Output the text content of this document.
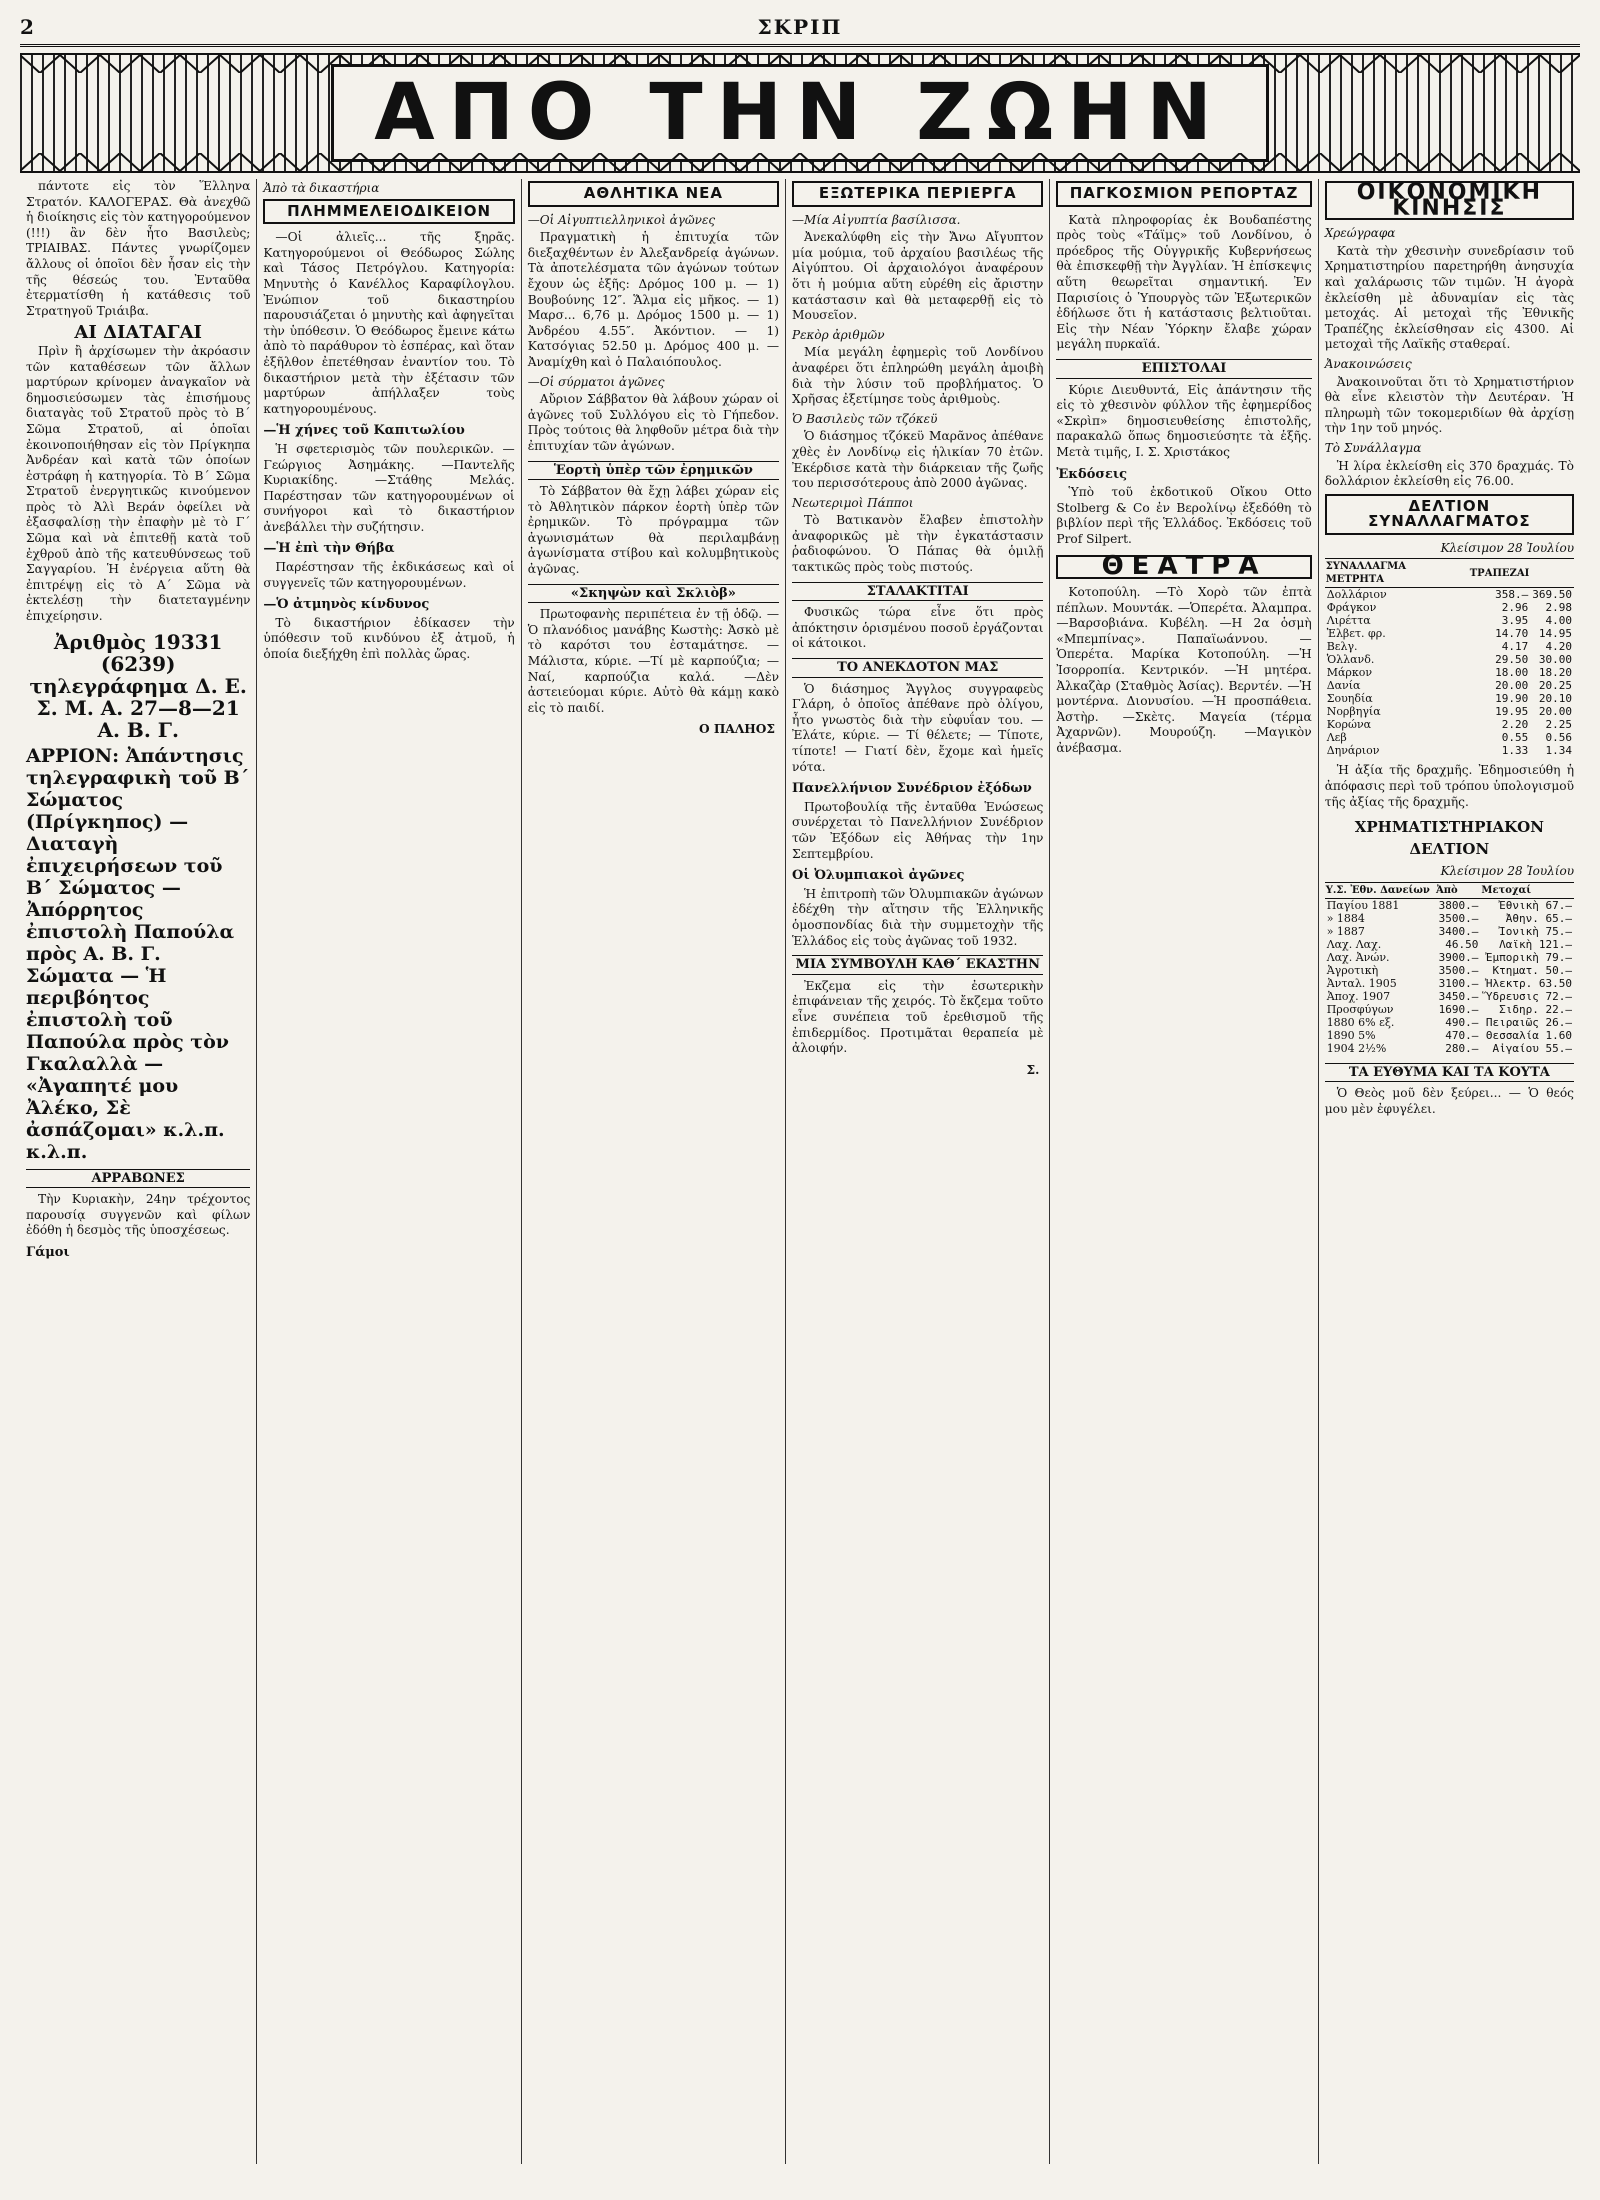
2	ΣΚΡΙΠ
ΑΠΟ ΤΗΝ ΖΩΗΝ

πάντοτε εἰς τὸν Ἕλληνα Στρατόν. ΚΑΛΟΓΕΡΑΣ. Θὰ ἀνεχθῶ ἡ διοίκησις εἰς τὸν κατηγορούμενον (!!!) ἂν δὲν ἦτο Βασιλεὺς; ΤΡΙΑΙΒΑΣ. Πάντες γνωρίζομεν ἄλλους οἱ ὁποῖοι δὲν ἦσαν εἰς τὴν τῆς θέσεώς του. Ἐνταῦθα ἐτερματίσθη ἡ κατάθεσις τοῦ Στρατηγοῦ Τριάιβα.

ΑΙ ΔΙΑΤΑΓΑΙ

Πρὶν ἢ ἀρχίσωμεν τὴν ἀκρόασιν τῶν καταθέσεων τῶν ἄλλων μαρτύρων κρίνομεν ἀναγκαῖον νὰ δημοσιεύσωμεν τὰς ἐπισήμους διαταγὰς τοῦ Στρατοῦ πρὸς τὸ Β΄ Σῶμα Στρατοῦ, αἱ ὁποῖαι ἐκοινοποιήθησαν εἰς τὸν Πρίγκηπα Ἀνδρέαν καὶ κατὰ τῶν ὁποίων ἐστράφη ἡ κατηγορία. Τὸ Β΄ Σῶμα Στρατοῦ ἐνεργητικῶς κινούμενον πρὸς τὸ Ἀλὶ Βεράν ὀφείλει νὰ ἐξασφαλίσῃ τὴν ἐπαφὴν μὲ τὸ Γ΄ Σῶμα καὶ νὰ ἐπιτεθῇ κατὰ τοῦ ἐχθροῦ ἀπὸ τῆς κατευθύνσεως τοῦ Σαγγαρίου. Ἡ ἐνέργεια αὕτη θὰ ἐπιτρέψῃ εἰς τὸ Α΄ Σῶμα νὰ ἐκτελέσῃ τὴν διατεταγμένην ἐπιχείρησιν.

Ἀριθμὸς 19331 (6239) τηλεγράφημα Δ. Ε. Σ. Μ. Α. 27—8—21 Α. Β. Γ.
ΑΡΡΙΟΝ: Ἀπάντησις τηλεγραφικὴ τοῦ Β΄ Σώματος (Πρίγκηπος) — Διαταγὴ ἐπιχειρήσεων τοῦ Β΄ Σώματος — Ἀπόρρητος ἐπιστολὴ Παπούλα πρὸς Α. Β. Γ. Σώματα — Ἡ περιβόητος ἐπιστολὴ τοῦ Παπούλα πρὸς τὸν Γκαλαλλὰ — «Ἀγαπητέ μου Ἀλέκο, Σὲ ἀσπάζομαι» κ.λ.π. κ.λ.π.
ΑΡΡΑΒΩΝΕΣ

Τὴν Κυριακὴν, 24ην τρέχοντος παρουσίᾳ συγγενῶν καὶ φίλων ἐδόθη ἡ δεσμὸς τῆς ὑποσχέσεως.

Γάμοι
Ἀπὸ τὰ δικαστήρια
ΠΛΗΜΜΕΛΕΙΟΔΙΚΕΙΟΝ

—Οἱ ἀλιεῖς... τῆς ξηρᾶς. Κατηγορούμενοι οἱ Θεόδωρος Σώλης καὶ Τάσος Πετρόγλου. Κατηγορία: Μηνυτὴς ὁ Κανέλλος Καραφίλογλου. Ἐνώπιον τοῦ δικαστηρίου παρουσιάζεται ὁ μηνυτὴς καὶ ἀφηγεῖται τὴν ὑπόθεσιν. Ὁ Θεόδωρος ἔμεινε κάτω ἀπὸ τὸ παράθυρον τὸ ἑσπέρας, καὶ ὅταν ἐξῆλθον ἐπετέθησαν ἐναντίον του. Τὸ δικαστήριον μετὰ τὴν ἐξέτασιν τῶν μαρτύρων ἀπήλλαξεν τοὺς κατηγορουμένους.

—Ἡ χήνες τοῦ Καπιτωλίου

Ἡ σφετερισμὸς τῶν πουλερικῶν. —Γεώργιος Ἀσημάκης. —Παντελῆς Κυριακίδης. —Στάθης Μελάς. Παρέστησαν τῶν κατηγορουμένων οἱ συνήγοροι καὶ τὸ δικαστήριον ἀνεβάλλει τὴν συζήτησιν.

—Ἡ ἐπὶ τὴν Θήβα

Παρέστησαν τῆς ἐκδικάσεως καὶ οἱ συγγενεῖς τῶν κατηγορουμένων.

—Ὁ ἀτμηνὸς κίνδυνος

Τὸ δικαστήριον ἐδίκασεν τὴν ὑπόθεσιν τοῦ κινδύνου ἐξ ἀτμοῦ, ἡ ὁποία διεξήχθη ἐπὶ πολλὰς ὥρας.

ΑΘΛΗΤΙΚΑ ΝΕΑ
—Οἱ Αἰγυπτιελληνικοὶ ἀγῶνες

Πραγματικὴ ἡ ἐπιτυχία τῶν διεξαχθέντων ἐν Ἀλεξανδρείᾳ ἀγώνων. Τὰ ἀποτελέσματα τῶν ἀγώνων τούτων ἔχουν ὡς ἑξῆς: Δρόμος 100 μ. — 1) Βουβούνης 12″. Ἅλμα εἰς μῆκος. — 1) Μαρσ... 6,76 μ. Δρόμος 1500 μ. — 1) Ἀνδρέου 4.55″. Ἀκόντιον. — 1) Κατσόγιας 52.50 μ. Δρόμος 400 μ. — Ἀναμίχθη καὶ ὁ Παλαιόπουλος.

—Οἱ σύρματοι ἀγῶνες

Αὔριον Σάββατον θὰ λάβουν χώραν οἱ ἀγῶνες τοῦ Συλλόγου εἰς τὸ Γήπεδον. Πρὸς τούτοις θὰ ληφθοῦν μέτρα διὰ τὴν ἐπιτυχίαν τῶν ἀγώνων.

Ἑορτὴ ὑπὲρ τῶν ἐρημικῶν

Τὸ Σάββατον θὰ ἔχῃ λάβει χώραν εἰς τὸ Ἀθλητικὸν πάρκον ἑορτὴ ὑπὲρ τῶν ἐρημικῶν. Τὸ πρόγραμμα τῶν ἀγωνισμάτων θὰ περιλαμβάνῃ ἀγωνίσματα στίβου καὶ κολυμβητικοὺς ἀγῶνας.

«Σκηψὼν καὶ Σκλιὸβ»

Πρωτοφανὴς περιπέτεια ἐν τῇ ὁδῷ. —Ὁ πλανόδιος μανάβης Κωστὴς: Ἀσκὸ μὲ τὸ καρότσι του ἐσταμάτησε. —Μάλιστα, κύριε. —Τί μὲ καρπούζια; —Ναί, καρπούζια καλά. —Δὲν ἀστειεύομαι κύριε. Αὐτὸ θὰ κάμῃ κακὸ εἰς τὸ παιδί.

Ο ΠΑΛΗΟΣ
ΕΞΩΤΕΡΙΚΑ ΠΕΡΙΕΡΓΑ
—Μία Αἰγυπτία βασίλισσα.

Ἀνεκαλύφθη εἰς τὴν Ἄνω Αἴγυπτον μία μούμια, τοῦ ἀρχαίου βασιλέως τῆς Αἰγύπτου. Οἱ ἀρχαιολόγοι ἀναφέρουν ὅτι ἡ μούμια αὕτη εὑρέθη εἰς ἄριστην κατάστασιν καὶ θὰ μεταφερθῇ εἰς τὸ Μουσεῖον.

Ρεκὸρ ἀριθμῶν

Μία μεγάλη ἐφημερὶς τοῦ Λονδίνου ἀναφέρει ὅτι ἐπληρώθη μεγάλη ἀμοιβὴ διὰ τὴν λύσιν τοῦ προβλήματος. Ὁ Χρῆσας ἐξετίμησε τοὺς ἀριθμοὺς.

Ὁ Βασιλεὺς τῶν τζόκεϋ

Ὁ διάσημος τζόκεϋ Μαρᾶνος ἀπέθανε χθὲς ἐν Λονδίνῳ εἰς ἡλικίαν 70 ἐτῶν. Ἐκέρδισε κατὰ τὴν διάρκειαν τῆς ζωῆς του περισσότερους ἀπὸ 2000 ἀγῶνας.

Νεωτεριμοὶ Πάπποι

Τὸ Βατικανὸν ἔλαβεν ἐπιστολὴν ἀναφορικῶς μὲ τὴν ἐγκατάστασιν ῥαδιοφώνου. Ὁ Πάπας θὰ ὁμιλῇ τακτικῶς πρὸς τοὺς πιστούς.

ΣΤΑΛΑΚΤΙΤΑΙ

Φυσικῶς τώρα εἶνε ὅτι πρὸς ἀπόκτησιν ὁρισμένου ποσοῦ ἐργάζονται οἱ κάτοικοι.

ΤΟ ΑΝΕΚΔΟΤΟΝ ΜΑΣ

Ὁ διάσημος Ἄγγλος συγγραφεὺς Γλάρη, ὁ ὁποῖος ἀπέθανε πρὸ ὀλίγου, ἦτο γνωστὸς διὰ τὴν εὐφυΐαν του. — Ἐλάτε, κύριε. — Τί θέλετε; — Τίποτε, τίποτε! — Γιατί δὲν, ἔχομε καὶ ἡμεῖς νότα.

Πανελλήνιον Συνέδριον ἐξόδων

Πρωτοβουλίᾳ τῆς ἐνταῦθα Ἑνώσεως συνέρχεται τὸ Πανελλήνιον Συνέδριον τῶν Ἐξόδων εἰς Ἀθήνας τὴν 1ην Σεπτεμβρίου.

Οἱ Ὀλυμπιακοὶ ἀγῶνες

Ἡ ἐπιτροπὴ τῶν Ὀλυμπιακῶν ἀγώνων ἐδέχθη τὴν αἴτησιν τῆς Ἑλληνικῆς ὁμοσπονδίας διὰ τὴν συμμετοχὴν τῆς Ἑλλάδος εἰς τοὺς ἀγῶνας τοῦ 1932.

ΜΙΑ ΣΥΜΒΟΥΛΗ ΚΑΘ΄ ΕΚΑΣΤΗΝ

Ἐκζεμα εἰς τὴν ἐσωτερικὴν ἐπιφάνειαν τῆς χειρός. Τὸ ἔκζεμα τοῦτο εἶνε συνέπεια τοῦ ἐρεθισμοῦ τῆς ἐπιδερμίδος. Προτιμᾶται θεραπεία μὲ ἀλοιφήν.

Σ.
ΠΑΓΚΟΣΜΙΟΝ ΡΕΠΟΡΤΑΖ

Κατὰ πληροφορίας ἐκ Βουδαπέστης πρὸς τοὺς «Τάϊμς» τοῦ Λονδίνου, ὁ πρόεδρος τῆς Οὑγγρικῆς Κυβερνήσεως θὰ ἐπισκεφθῇ τὴν Ἀγγλίαν. Ἡ ἐπίσκεψις αὕτη θεωρεῖται σημαντική. Ἐν Παρισίοις ὁ Ὑπουργὸς τῶν Ἐξωτερικῶν ἐδήλωσε ὅτι ἡ κατάστασις βελτιοῦται. Εἰς τὴν Νέαν Ὑόρκην ἔλαβε χώραν μεγάλη πυρκαϊά.

ΕΠΙΣΤΟΛΑΙ

Κύριε Διευθυντά, Εἰς ἀπάντησιν τῆς εἰς τὸ χθεσινὸν φύλλον τῆς ἐφημερίδος «Σκρὶπ» δημοσιευθείσης ἐπιστολῆς, παρακαλῶ ὅπως δημοσιεύσητε τὰ ἑξῆς. Μετὰ τιμῆς, Ι. Σ. Χριστάκος

Ἐκδόσεις

Ὑπὸ τοῦ ἐκδοτικοῦ Οἴκου Otto Stolberg & Co ἐν Βερολίνῳ ἐξεδόθη τὸ βιβλίον περὶ τῆς Ἑλλάδος. Ἐκδόσεις τοῦ Prof Silpert.

ΘΕΑΤΡΑ

Κοτοπούλη. —Τὸ Χορὸ τῶν ἐπτὰ πέπλων. Μουντάκ. —Ὁπερέτα. Ἀλαμπρα. —Βαρσοβιάνα. Κυβέλη. —Η 2α ὁσμὴ «Μπεμπίνας». Παπαϊωάννου. —Ὁπερέτα. Μαρίκα Κοτοπούλη. —Ἡ Ἰσορροπία. Κεντρικόν. —Ἡ μητέρα. Ἀλκαζὰρ (Σταθμὸς Ἀσίας). Βερντέν. —Ἡ μοντέρνα. Διονυσίου. —Ἡ προσπάθεια. Ἀστὴρ. —Σκὲτς. Μαγεία (τέρμα Ἀχαρνῶν). Μουρούζη. —Μαγικὸν ἀνέβασμα.

ΟΙΚΟΝΟΜΙΚΗ ΚΙΝΗΣΙΣ
Χρεώγραφα

Κατὰ τὴν χθεσινὴν συνεδρίασιν τοῦ Χρηματιστηρίου παρετηρήθη ἀνησυχία καὶ χαλάρωσις τῶν τιμῶν. Ἡ ἀγορὰ ἐκλείσθη μὲ ἀδυναμίαν εἰς τὰς μετοχάς. Αἱ μετοχαὶ τῆς Ἐθνικῆς Τραπέζης ἐκλείσθησαν εἰς 4300. Αἱ μετοχαὶ τῆς Λαϊκῆς σταθεραί.

Ἀνακοινώσεις

Ἀνακοινοῦται ὅτι τὸ Χρηματιστήριον θὰ εἶνε κλειστὸν τὴν Δευτέραν. Ἡ πληρωμὴ τῶν τοκομεριδίων θὰ ἀρχίσῃ τὴν 1ην τοῦ μηνός.

Τὸ Συνάλλαγμα

Ἡ λίρα ἐκλείσθη εἰς 370 δραχμάς. Τὸ δολλάριον ἐκλείσθη εἰς 76.00.

ΔΕΛΤΙΟΝ ΣΥΝΑΛΛΑΓΜΑΤΟΣ
Κλείσιμον 28 Ἰουλίου
ΣΥΝΑΛΛΑΓΜΑ ΜΕΤΡΗΤΑ	ΤΡΑΠΕΖΑΙ	
Δολλάριον	358.—	369.50
Φράγκον	2.96	2.98
Λιρέττα	3.95	4.00
Ἑλβετ. φρ.	14.70	14.95
Βελγ.	4.17	4.20
Ὁλλανδ.	29.50	30.00
Μάρκον	18.00	18.20
Δανία	20.00	20.25
Σουηδία	19.90	20.10
Νορβηγία	19.95	20.00
Κορώνα	2.20	2.25
Λεβ	0.55	0.56
Δηνάριον	1.33	1.34

Ἡ ἀξία τῆς δραχμῆς. Ἐδημοσιεύθη ἡ ἀπόφασις περὶ τοῦ τρόπου ὑπολογισμοῦ τῆς ἀξίας τῆς δραχμῆς.

ΧΡΗΜΑΤΙΣΤΗΡΙΑΚΟΝ ΔΕΛΤΙΟΝ
Κλείσιμον 28 Ἰουλίου
Υ.Σ. Ἐθν. Δανείων	Ἀπὸ	Μετοχαί
Παγίου 1881	3800.—	Ἐθνικὴ 67.—
» 1884	3500.—	Ἀθην. 65.—
» 1887	3400.—	Ἰονικὴ 75.—
Λαχ. Λαχ.	46.50	Λαϊκὴ 121.—
Λαχ. Ἀνών.	3900.—	Ἐμπορικὴ 79.—
Ἀγροτικὴ	3500.—	Κτηματ. 50.—
Ἀνταλ. 1905	3100.—	Ἠλεκτρ. 63.50
Ἀποχ. 1907	3450.—	Ὕδρευσις 72.—
Προσφύγων	1690.—	Σιδηρ. 22.—
1880 6% εξ.	490.—	Πειραιῶς 26.—
1890 5%	470.—	Θεσσαλία 1.60
1904 2½%	280.—	Αἰγαίου 55.—
ΤΑ ΕΥΘΥΜΑ ΚΑΙ ΤΑ ΚΟΥΤΑ

Ὁ Θεὸς μοῦ δὲν ξεύρει... — Ὁ θεός μου μὲν ἐφυγέλει.
